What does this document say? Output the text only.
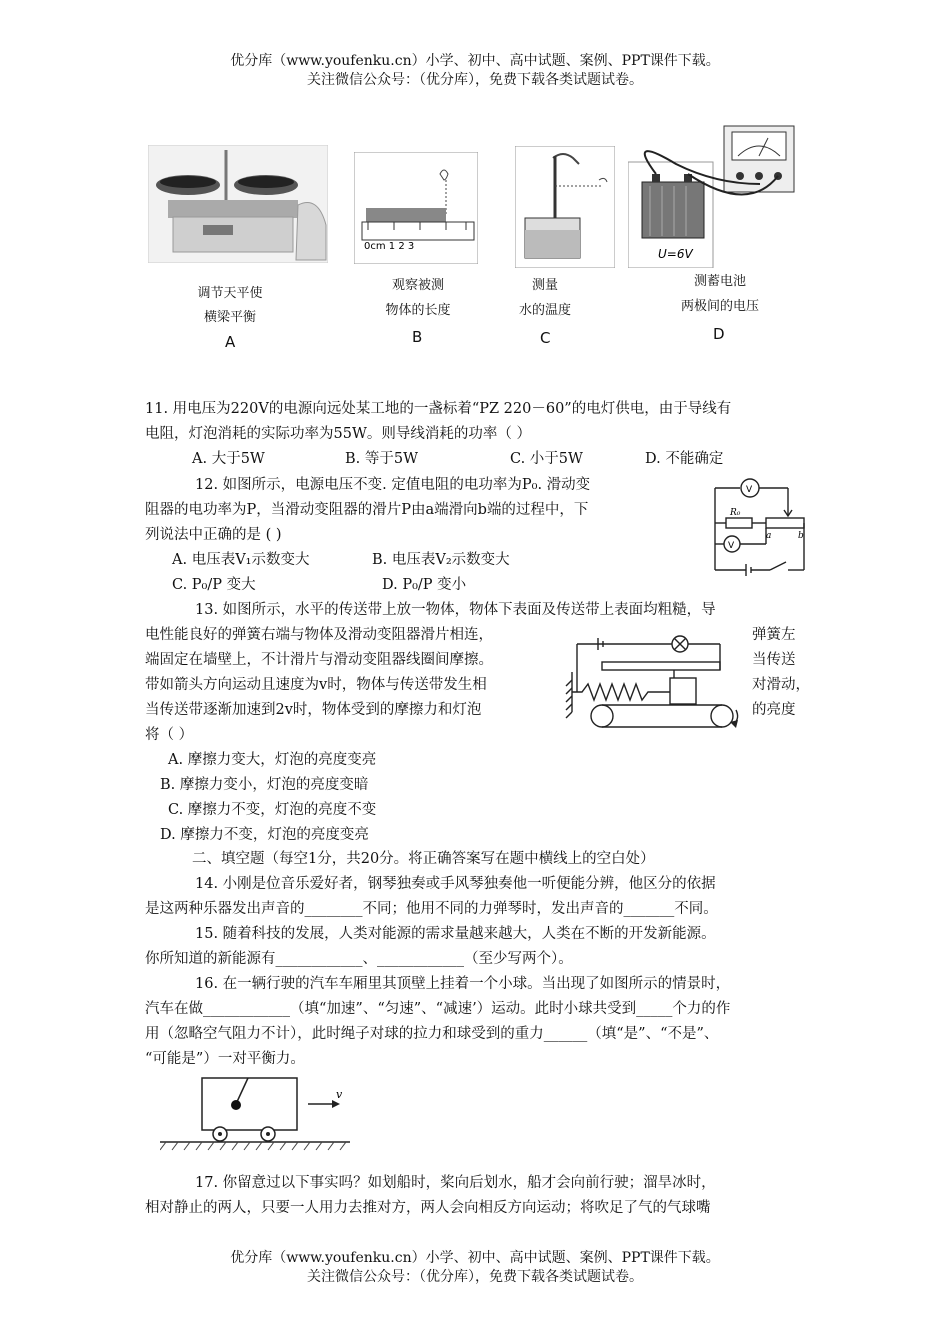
优分库（www.youfenku.cn）小学、初中、高中试题、案例、PPT课件下载。
关注微信公众号：（优分库），免费下载各类试题试卷。
调节天平使
横梁平衡
A
0cm 1 2 3
观察被测
物体的长度
B
测量
水的温度
C
U=6V
测蓄电池
两极间的电压
D
11. 用电压为220V的电源向远处某工地的一盏标着“PZ 220－60”的电灯供电，由于导线有
电阻，灯泡消耗的实际功率为55W。则导线消耗的功率（ ）
A. 大于5W	B. 等于5W	C. 小于5W	D. 不能确定
12. 如图所示，电源电压不变. 定值电阻的电功率为P₀. 滑动变
阻器的电功率为P，当滑动变阻器的滑片P由a端滑向b端的过程中，下
列说法中正确的是 ( )
A. 电压表V₁示数变大	B. 电压表V₂示数变大
C. P₀/P 变大	D. P₀/P 变小
V
V
R₀
a	b
13. 如图所示，水平的传送带上放一物体，物体下表面及传送带上表面均粗糙，导
电性能良好的弹簧右端与物体及滑动变阻器滑片相连，	弹簧左
端固定在墙壁上，不计滑片与滑动变阻器线圈间摩擦。	当传送
带如箭头方向运动且速度为v时，物体与传送带发生相	对滑动，
当传送带逐渐加速到2v时，物体受到的摩擦力和灯泡	的亮度
将（ ）
A. 摩擦力变大，灯泡的亮度变亮
B. 摩擦力变小，灯泡的亮度变暗
C. 摩擦力不变，灯泡的亮度不变
D. 摩擦力不变，灯泡的亮度变亮
二、填空题（每空1分，共20分。将正确答案写在题中横线上的空白处）
14. 小刚是位音乐爱好者，钢琴独奏或手风琴独奏他一听便能分辨，他区分的依据
是这两种乐器发出声音的________不同；他用不同的力弹琴时，发出声音的_______不同。
15. 随着科技的发展，人类对能源的需求量越来越大，人类在不断的开发新能源。
你所知道的新能源有____________、____________（至少写两个）。
16. 在一辆行驶的汽车车厢里其顶壁上挂着一个小球。当出现了如图所示的情景时，
汽车在做____________（填“加速”、“匀速”、“减速’）运动。此时小球共受到_____个力的作
用（忽略空气阻力不计），此时绳子对球的拉力和球受到的重力______（填“是”、“不是”、
“可能是”）一对平衡力。
v
17. 你留意过以下事实吗？如划船时，桨向后划水，船才会向前行驶；溜旱冰时，
相对静止的两人，只要一人用力去推对方，两人会向相反方向运动；将吹足了气的气球嘴
优分库（www.youfenku.cn）小学、初中、高中试题、案例、PPT课件下载。
关注微信公众号：（优分库），免费下载各类试题试卷。
